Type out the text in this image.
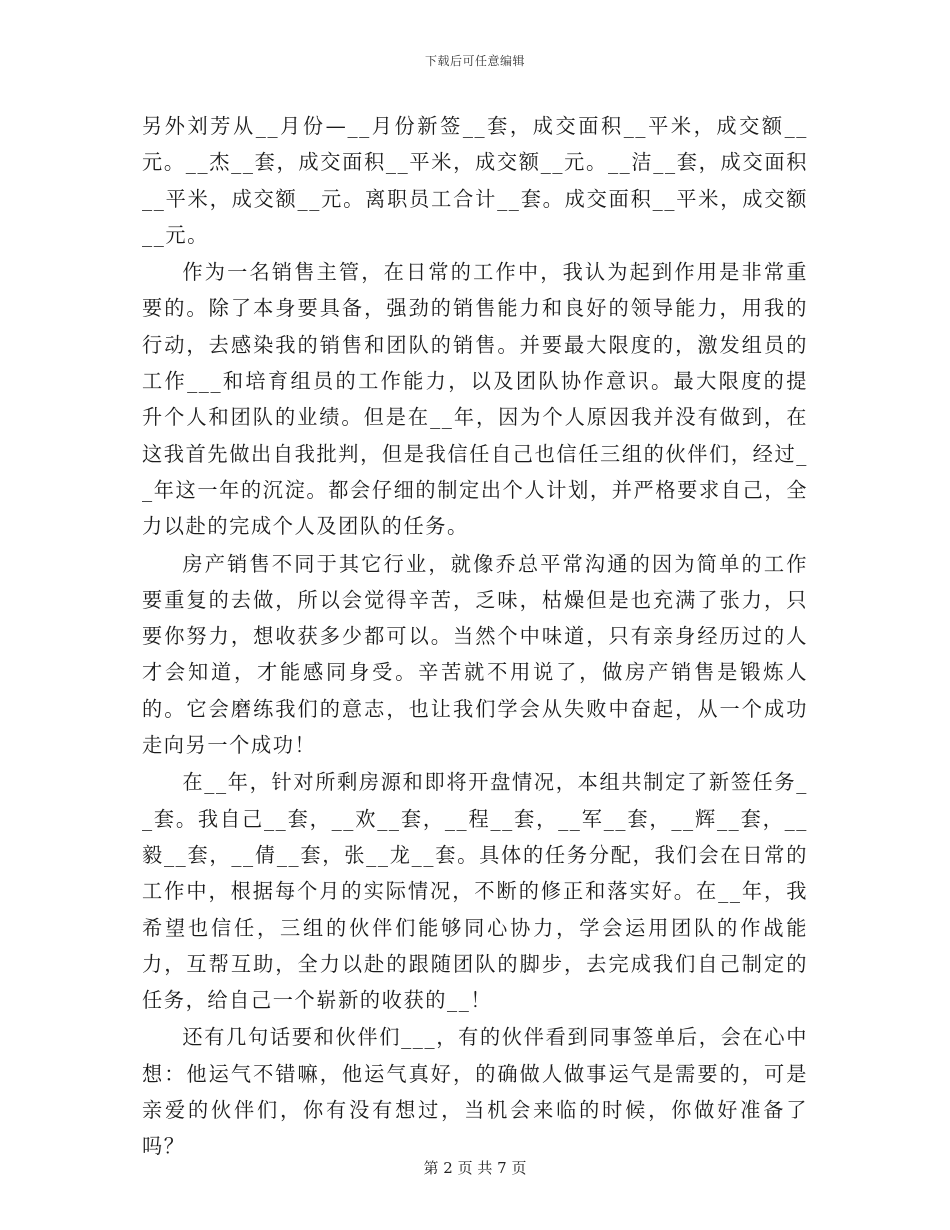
下载后可任意编辑

另外刘芳从__月份—__月份新签__套，成交面积__平米，成交额__元。__杰__套，成交面积__平米，成交额__元。__洁__套，成交面积__平米，成交额__元。离职员工合计__套。成交面积__平米，成交额__元。

作为一名销售主管，在日常的工作中，我认为起到作用是非常重要的。除了本身要具备，强劲的销售能力和良好的领导能力，用我的行动，去感染我的销售和团队的销售。并要最大限度的，激发组员的工作___和培育组员的工作能力，以及团队协作意识。最大限度的提升个人和团队的业绩。但是在__年，因为个人原因我并没有做到，在这我首先做出自我批判，但是我信任自己也信任三组的伙伴们，经过__年这一年的沉淀。都会仔细的制定出个人计划，并严格要求自己，全力以赴的完成个人及团队的任务。

房产销售不同于其它行业，就像乔总平常沟通的因为简单的工作要重复的去做，所以会觉得辛苦，乏味，枯燥但是也充满了张力，只要你努力，想收获多少都可以。当然个中味道，只有亲身经历过的人才会知道，才能感同身受。辛苦就不用说了，做房产销售是锻炼人的。它会磨练我们的意志，也让我们学会从失败中奋起，从一个成功走向另一个成功！

在__年，针对所剩房源和即将开盘情况，本组共制定了新签任务__套。我自己__套，__欢__套，__程__套，__军__套，__辉__套，__毅__套，__倩__套，张__龙__套。具体的任务分配，我们会在日常的工作中，根据每个月的实际情况，不断的修正和落实好。在__年，我希望也信任，三组的伙伴们能够同心协力，学会运用团队的作战能力，互帮互助，全力以赴的跟随团队的脚步，去完成我们自己制定的任务，给自己一个崭新的收获的__！

还有几句话要和伙伴们___，有的伙伴看到同事签单后，会在心中想：他运气不错嘛，他运气真好，的确做人做事运气是需要的，可是亲爱的伙伴们，你有没有想过，当机会来临的时候，你做好准备了吗？

第 2 页 共 7 页
